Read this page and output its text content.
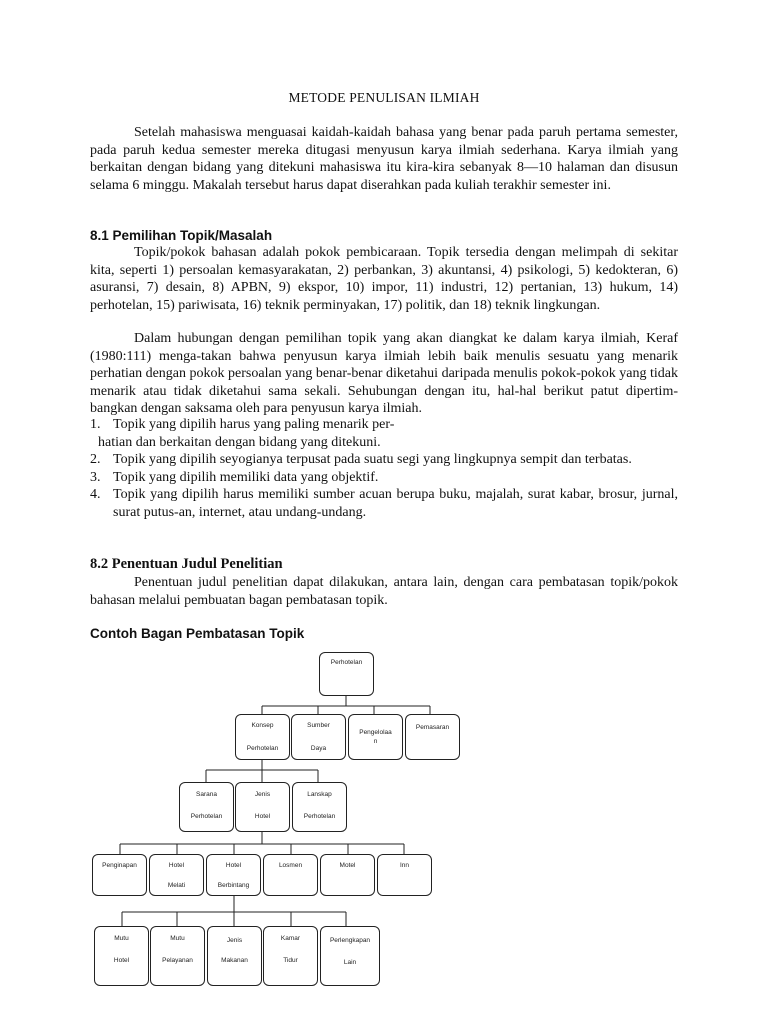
METODE PENULISAN ILMIAH

Setelah mahasiswa menguasai kaidah-kaidah bahasa yang benar pada paruh pertama semester, pada paruh kedua semester mereka ditugasi menyusun karya ilmiah sederhana. Karya ilmiah yang berkaitan dengan bidang yang ditekuni mahasiswa itu kira-kira sebanyak 8—10 halaman dan disusun selama 6 minggu. Makalah tersebut harus dapat diserahkan pada kuliah terakhir semester ini.

8.1 Pemilihan Topik/Masalah

Topik/pokok bahasan adalah pokok pembicaraan. Topik tersedia dengan melimpah di sekitar kita, seperti 1) persoalan kemasyarakatan, 2) perbankan, 3) akuntansi, 4) psikologi, 5) kedokteran, 6) asuransi, 7) desain, 8) APBN, 9) ekspor, 10) impor, 11) industri, 12) pertanian, 13) hukum, 14) perhotelan, 15) pariwisata, 16) teknik perminyakan, 17) politik, dan 18) teknik lingkungan.

Dalam hubungan dengan pemilihan topik yang akan diangkat ke dalam karya ilmiah, Keraf (1980:111) menga-takan bahwa penyusun karya ilmiah lebih baik menulis sesuatu yang menarik perhatian dengan pokok persoalan yang benar-benar diketahui daripada menulis pokok-pokok yang tidak menarik atau tidak diketahui sama sekali. Sehubungan dengan itu, hal-hal berikut patut dipertim-bangkan dengan saksama oleh para penyusun karya ilmiah.

1. Topik yang dipilih harus yang paling menarik per-
hatian dan berkaitan dengan bidang yang ditekuni.
2. Topik yang dipilih seyogianya terpusat pada suatu segi yang lingkupnya sempit dan terbatas.
3. Topik yang dipilih memiliki data yang objektif.
4. Topik yang dipilih harus memiliki sumber acuan berupa buku, majalah, surat kabar, brosur, jurnal, surat putus-an, internet, atau undang-undang.
8.2 Penentuan Judul Penelitian

Penentuan judul penelitian dapat dilakukan, antara lain, dengan cara pembatasan topik/pokok bahasan melalui pembuatan bagan pembatasan topik.

Contoh Bagan Pembatasan Topik
Perhotelan
Konsep
Perhotelan
Sumber
Daya
Pengelolaa
n
Pemasaran
Sarana
Perhotelan
Jenis
Hotel
Lanskap
Perhotelan
Penginapan	Hotel
Melati
Hotel
Berbintang
Losmen	Motel	Inn
Mutu
Hotel
Mutu
Pelayanan
Jenis
Makanan
Kamar
Tidur
Perlengkapan
Lain
